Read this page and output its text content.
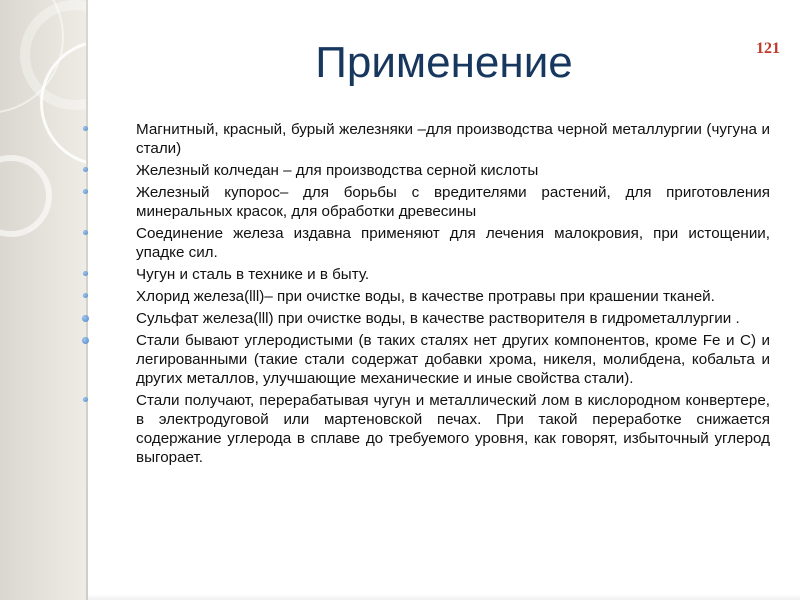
Применение	121
Магнитный, красный, бурый железняки –для производства черной металлургии (чугуна и стали)
Железный колчедан – для производства серной кислоты
Железный купорос– для борьбы с вредителями растений, для приготовления минеральных красок, для обработки древесины
Соединение железа издавна применяют для лечения малокровия, при истощении, упадке сил.
Чугун и сталь в технике и в быту.
Хлорид железа(lll)– при очистке воды, в качестве протравы при крашении тканей.
Сульфат железа(lll) при очистке воды, в качестве растворителя в гидрометаллургии .
Стали бывают углеродистыми (в таких сталях нет других компонентов, кроме Fe и C) и легированными (такие стали содержат добавки хрома, никеля, молибдена, кобальта и других металлов, улучшающие механические и иные свойства стали).
Стали получают, перерабатывая чугун и металлический лом в кислородном конвертере, в электродуговой или мартеновской печах. При такой переработке снижается содержание углерода в сплаве до требуемого уровня, как говорят, избыточный углерод выгорает.
